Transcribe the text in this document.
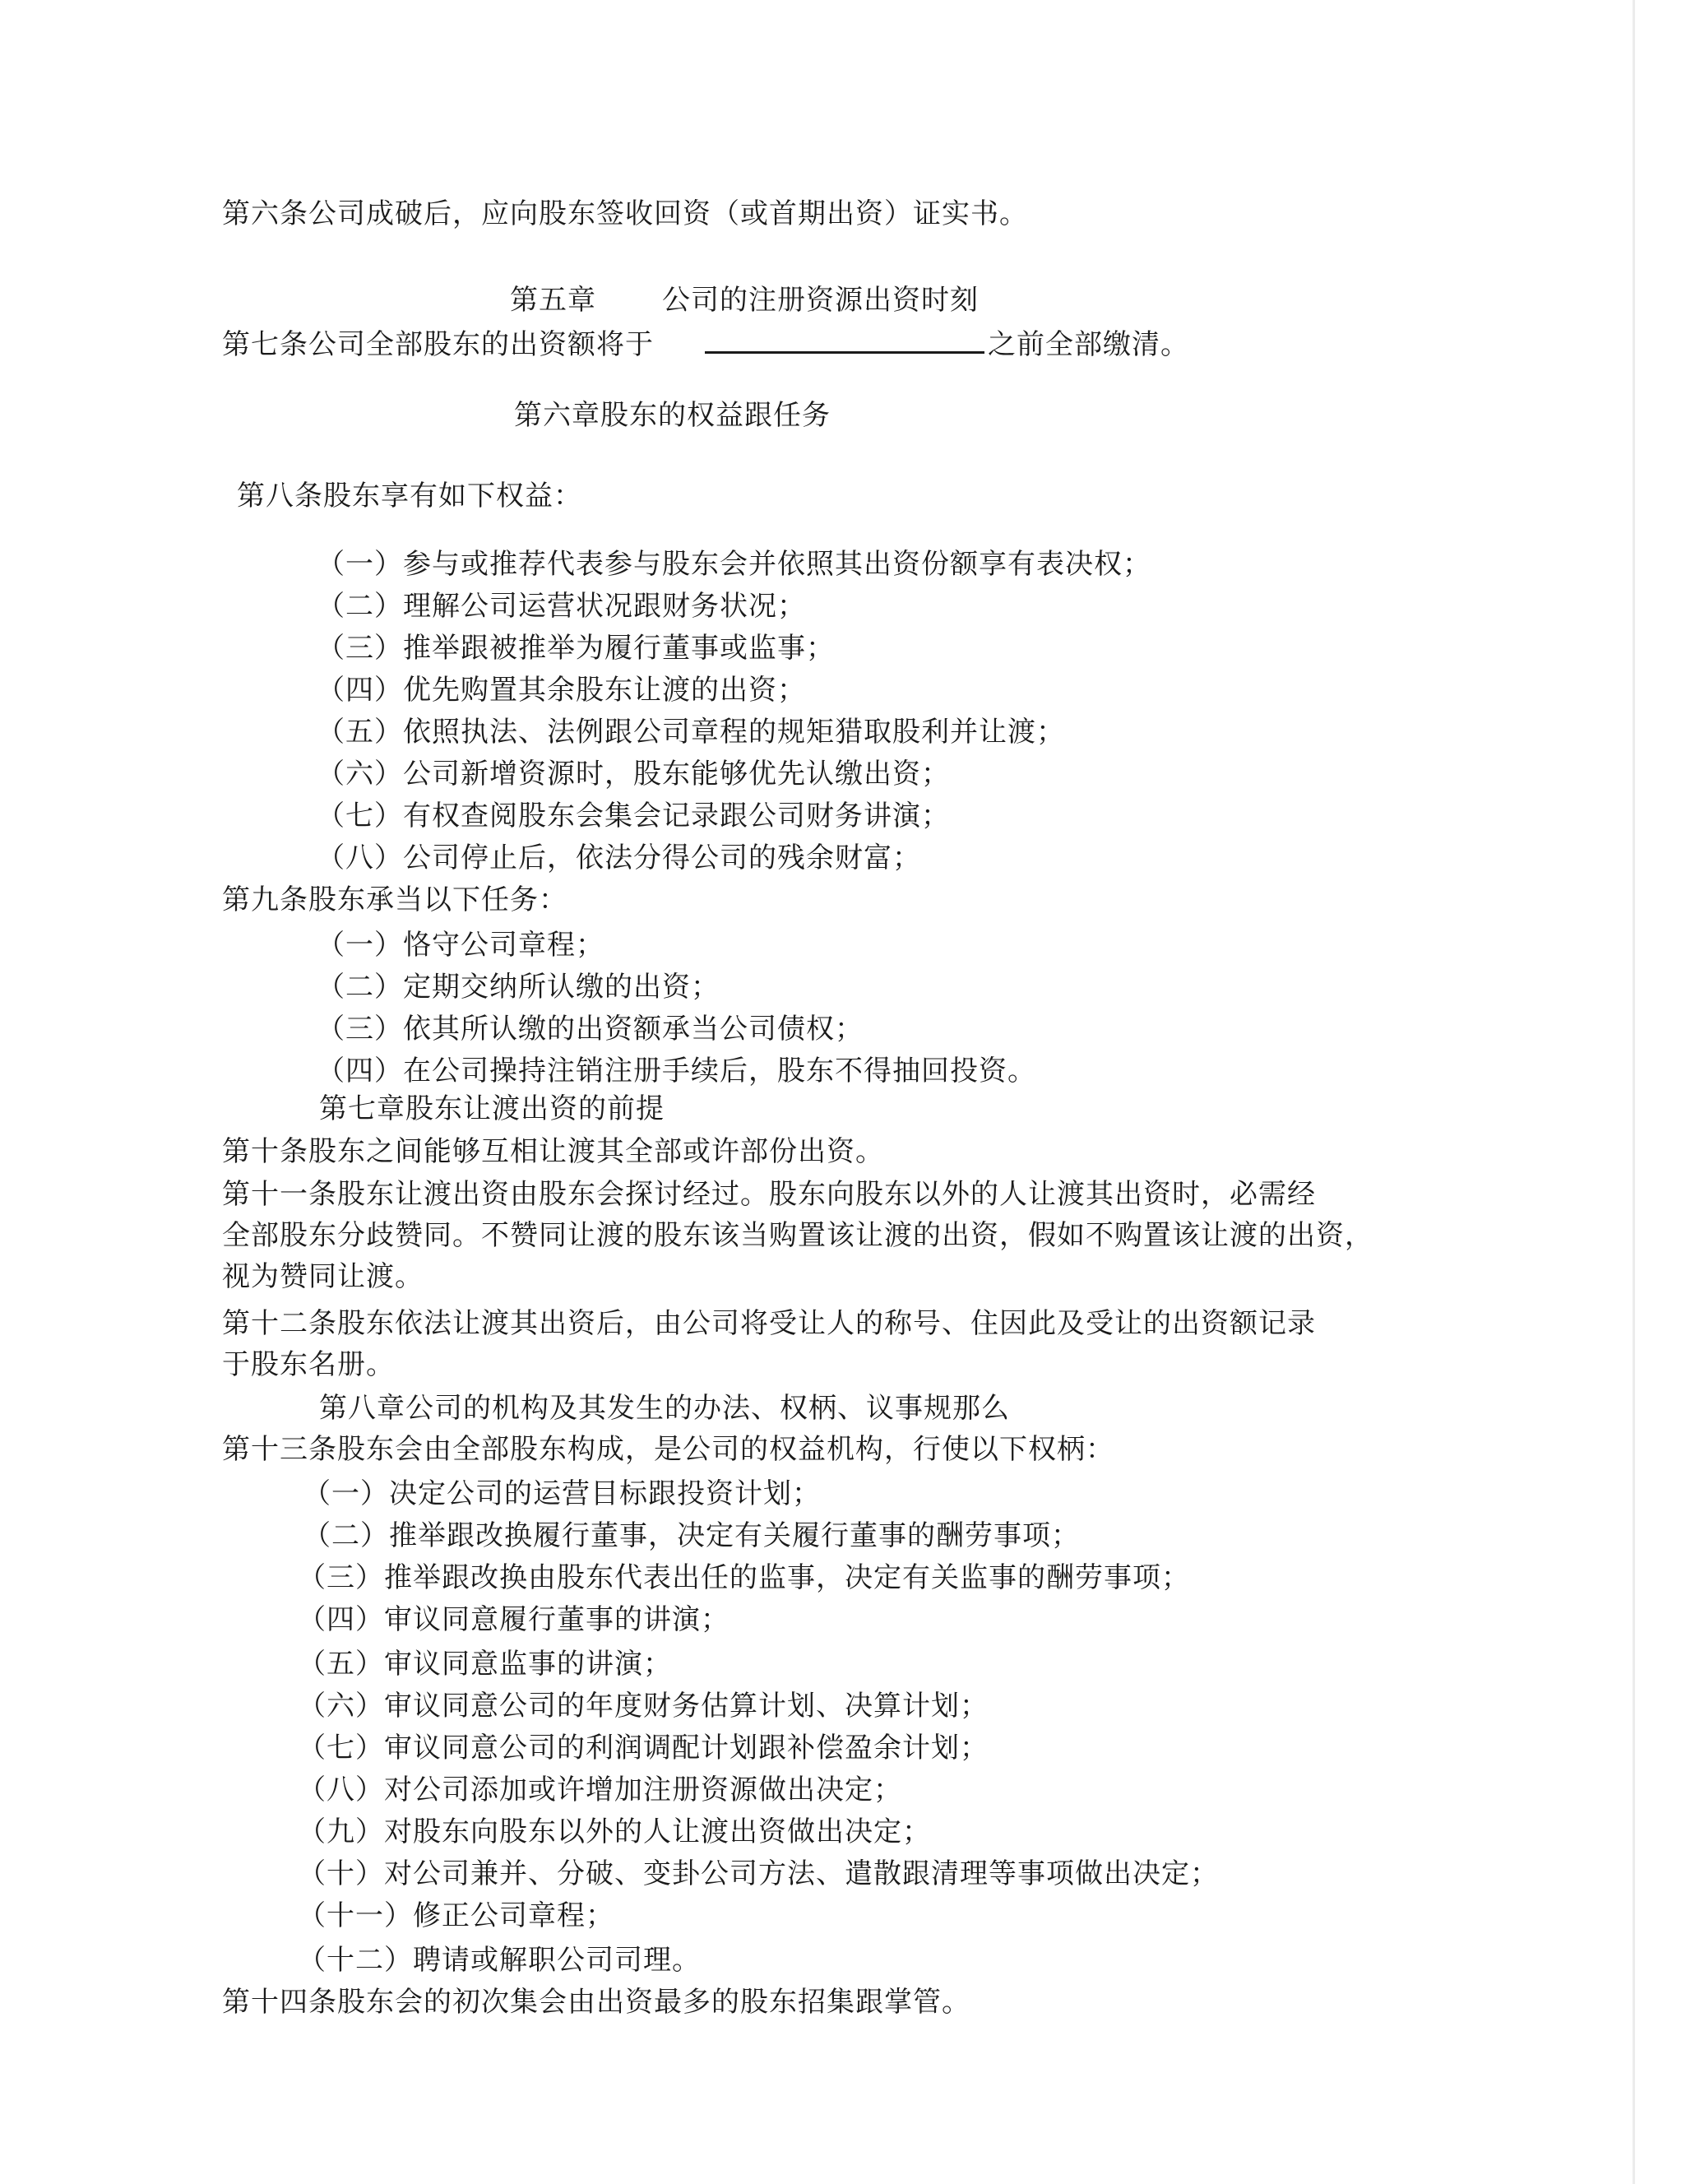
第六条公司成破后，应向股东签收回资（或首期出资）证实书。
第五章 公司的注册资源出资时刻
第七条公司全部股东的出资额将于	之前全部缴清。
第六章股东的权益跟任务
第八条股东享有如下权益：
（一）参与或推荐代表参与股东会并依照其出资份额享有表决权；
（二）理解公司运营状况跟财务状况；
（三）推举跟被推举为履行董事或监事；
（四）优先购置其余股东让渡的出资；
（五）依照执法、法例跟公司章程的规矩猎取股利并让渡；
（六）公司新增资源时，股东能够优先认缴出资；
（七）有权查阅股东会集会记录跟公司财务讲演；
（八）公司停止后，依法分得公司的残余财富；
第九条股东承当以下任务：
（一）恪守公司章程；
（二）定期交纳所认缴的出资；
（三）依其所认缴的出资额承当公司债权；
（四）在公司操持注销注册手续后，股东不得抽回投资。
第七章股东让渡出资的前提
第十条股东之间能够互相让渡其全部或许部份出资。
第十一条股东让渡出资由股东会探讨经过。股东向股东以外的人让渡其出资时，必需经
全部股东分歧赞同。不赞同让渡的股东该当购置该让渡的出资，假如不购置该让渡的出资，
视为赞同让渡。
第十二条股东依法让渡其出资后，由公司将受让人的称号、住因此及受让的出资额记录
于股东名册。
第八章公司的机构及其发生的办法、权柄、议事规那么
第十三条股东会由全部股东构成，是公司的权益机构，行使以下权柄：
（一）决定公司的运营目标跟投资计划；
（二）推举跟改换履行董事，决定有关履行董事的酬劳事项；
（三）推举跟改换由股东代表出任的监事，决定有关监事的酬劳事项；
（四）审议同意履行董事的讲演；
（五）审议同意监事的讲演；
（六）审议同意公司的年度财务估算计划、决算计划；
（七）审议同意公司的利润调配计划跟补偿盈余计划；
（八）对公司添加或许增加注册资源做出决定；
（九）对股东向股东以外的人让渡出资做出决定；
（十）对公司兼并、分破、变卦公司方法、遣散跟清理等事项做出决定；
（十一）修正公司章程；
（十二）聘请或解职公司司理。
第十四条股东会的初次集会由出资最多的股东招集跟掌管。
